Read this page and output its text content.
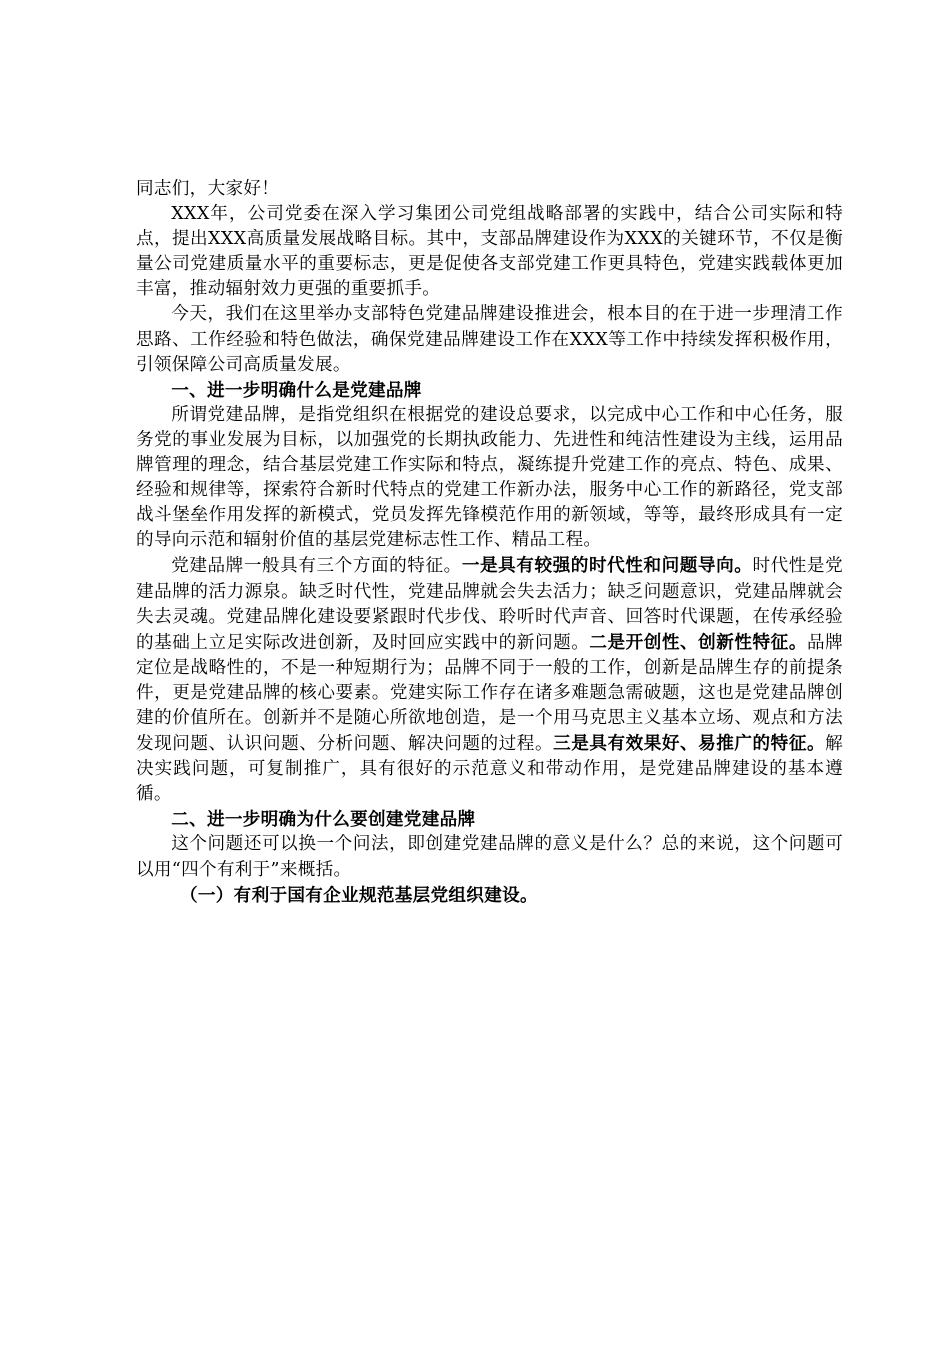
同志们，大家好！

XXX年，公司党委在深入学习集团公司党组战略部署的实践中，结合公司实际和特点，提出XXX高质量发展战略目标。其中，支部品牌建设作为XXX的关键环节，不仅是衡量公司党建质量水平的重要标志，更是促使各支部党建工作更具特色，党建实践载体更加丰富，推动辐射效力更强的重要抓手。

今天，我们在这里举办支部特色党建品牌建设推进会，根本目的在于进一步理清工作思路、工作经验和特色做法，确保党建品牌建设工作在XXX等工作中持续发挥积极作用，引领保障公司高质量发展。

一、进一步明确什么是党建品牌

所谓党建品牌，是指党组织在根据党的建设总要求，以完成中心工作和中心任务，服务党的事业发展为目标，以加强党的长期执政能力、先进性和纯洁性建设为主线，运用品牌管理的理念，结合基层党建工作实际和特点，凝练提升党建工作的亮点、特色、成果、经验和规律等，探索符合新时代特点的党建工作新办法，服务中心工作的新路径，党支部战斗堡垒作用发挥的新模式，党员发挥先锋模范作用的新领域，等等，最终形成具有一定的导向示范和辐射价值的基层党建标志性工作、精品工程。

党建品牌一般具有三个方面的特征。一是具有较强的时代性和问题导向。时代性是党建品牌的活力源泉。缺乏时代性，党建品牌就会失去活力；缺乏问题意识，党建品牌就会失去灵魂。党建品牌化建设要紧跟时代步伐、聆听时代声音、回答时代课题，在传承经验的基础上立足实际改进创新，及时回应实践中的新问题。二是开创性、创新性特征。品牌定位是战略性的，不是一种短期行为；品牌不同于一般的工作，创新是品牌生存的前提条件，更是党建品牌的核心要素。党建实际工作存在诸多难题急需破题，这也是党建品牌创建的价值所在。创新并不是随心所欲地创造，是一个用马克思主义基本立场、观点和方法发现问题、认识问题、分析问题、解决问题的过程。三是具有效果好、易推广的特征。解决实践问题，可复制推广，具有很好的示范意义和带动作用，是党建品牌建设的基本遵循。

二、进一步明确为什么要创建党建品牌

这个问题还可以换一个问法，即创建党建品牌的意义是什么？总的来说，这个问题可以用“四个有利于”来概括。

（一）有利于国有企业规范基层党组织建设。
